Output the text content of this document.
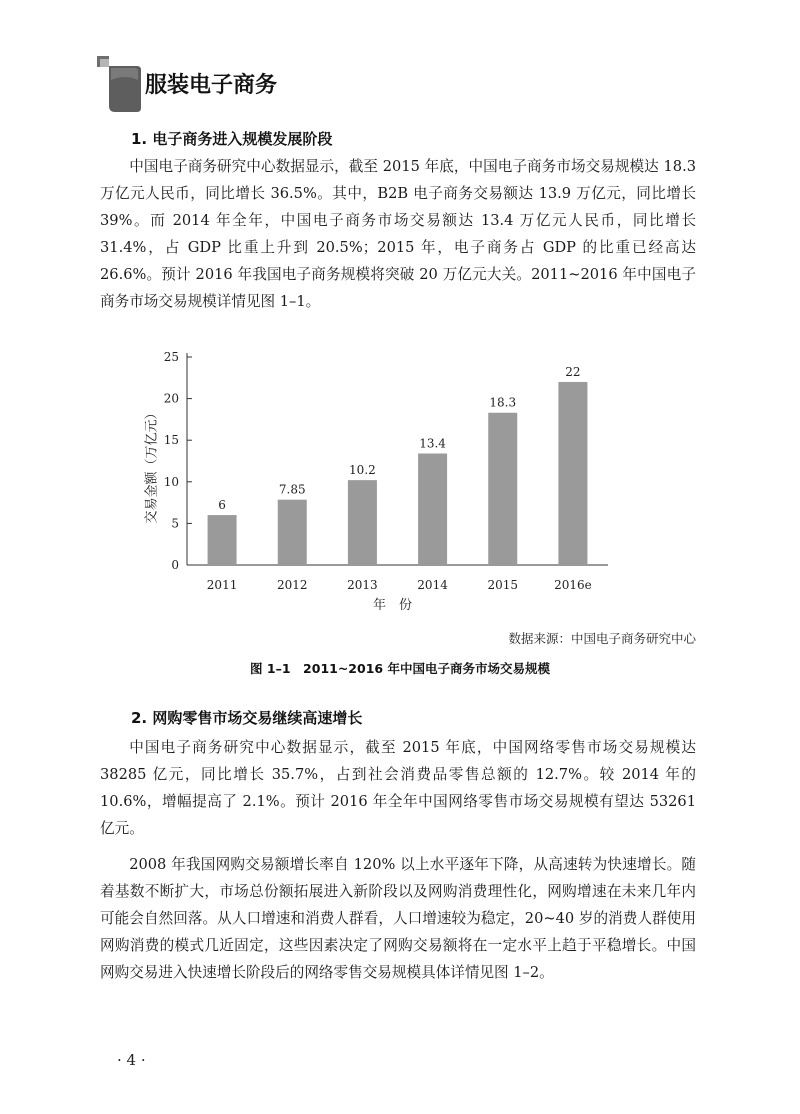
服装电子商务
1. 电子商务进入规模发展阶段

中国电子商务研究中心数据显示，截至 2015 年底，中国电子商务市场交易规模达 18.3 万亿元人民币，同比增长 36.5%。其中，B2B 电子商务交易额达 13.9 万亿元，同比增长 39%。而 2014 年全年，中国电子商务市场交易额达 13.4 万亿元人民币，同比增长 31.4%，占 GDP 比重上升到 20.5%；2015 年，电子商务占 GDP 的比重已经高达 26.6%。预计 2016 年我国电子商务规模将突破 20 万亿元大关。2011~2016 年中国电子商务市场交易规模详情见图 1–1。

0
5
10
15
20
25
6
2011
7.85
2012
10.2
2013
13.4
2014
18.3
2015
22
2016e
年　份
交易金额（万亿元）
数据来源：中国电子商务研究中心
图 1–1　2011~2016 年中国电子商务市场交易规模
2. 网购零售市场交易继续高速增长

中国电子商务研究中心数据显示，截至 2015 年底，中国网络零售市场交易规模达 38285 亿元，同比增长 35.7%，占到社会消费品零售总额的 12.7%。较 2014 年的 10.6%，增幅提高了 2.1%。预计 2016 年全年中国网络零售市场交易规模有望达 53261 亿元。

2008 年我国网购交易额增长率自 120% 以上水平逐年下降，从高速转为快速增长。随着基数不断扩大，市场总份额拓展进入新阶段以及网购消费理性化，网购增速在未来几年内可能会自然回落。从人口增速和消费人群看，人口增速较为稳定，20~40 岁的消费人群使用网购消费的模式几近固定，这些因素决定了网购交易额将在一定水平上趋于平稳增长。中国网购交易进入快速增长阶段后的网络零售交易规模具体详情见图 1–2。

· 4 ·
